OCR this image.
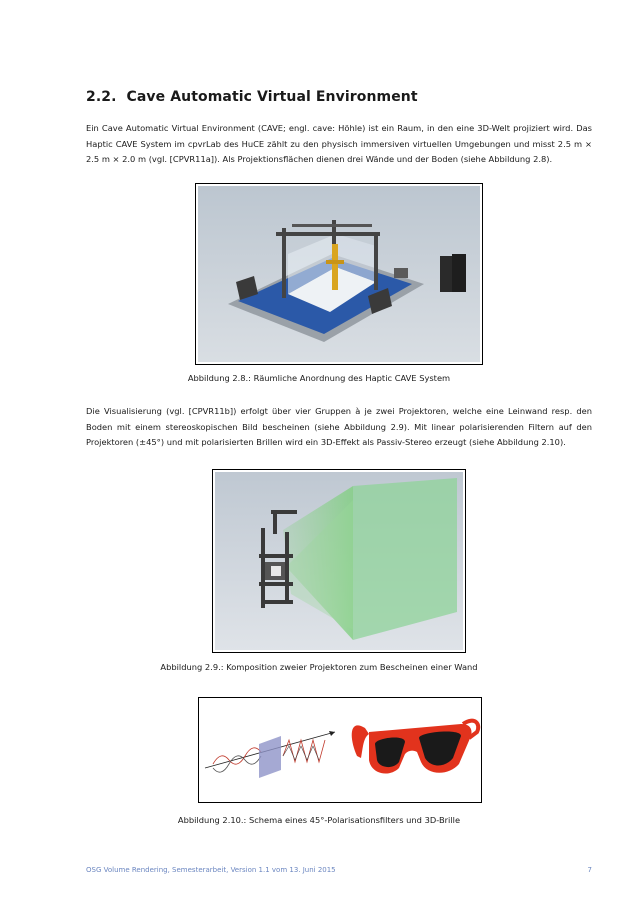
2.2. Cave Automatic Virtual Environment
Ein Cave Automatic Virtual Environment (CAVE; engl. cave: Höhle) ist ein Raum, in den eine 3D-Welt projiziert wird. Das Haptic CAVE System im cpvrLab des HuCE zählt zu den physisch immersiven virtuellen Umgebungen und misst 2.5 m × 2.5 m × 2.0 m (vgl. [CPVR11a]). Als Projektionsflächen dienen drei Wände und der Boden (siehe Abbildung 2.8).
Abbildung 2.8.: Räumliche Anordnung des Haptic CAVE System
Die Visualisierung (vgl. [CPVR11b]) erfolgt über vier Gruppen à je zwei Projektoren, welche eine Leinwand resp. den Boden mit einem stereoskopischen Bild bescheinen (siehe Abbildung 2.9). Mit linear polarisierenden Filtern auf den Projektoren (±45°) und mit polarisierten Brillen wird ein 3D-Effekt als Passiv-Stereo erzeugt (siehe Abbildung 2.10).
Abbildung 2.9.: Komposition zweier Projektoren zum Bescheinen einer Wand
Abbildung 2.10.: Schema eines 45°-Polarisationsfilters und 3D-Brille
OSG Volume Rendering, Semesterarbeit, Version 1.1 vom 13. Juni 2015	7
